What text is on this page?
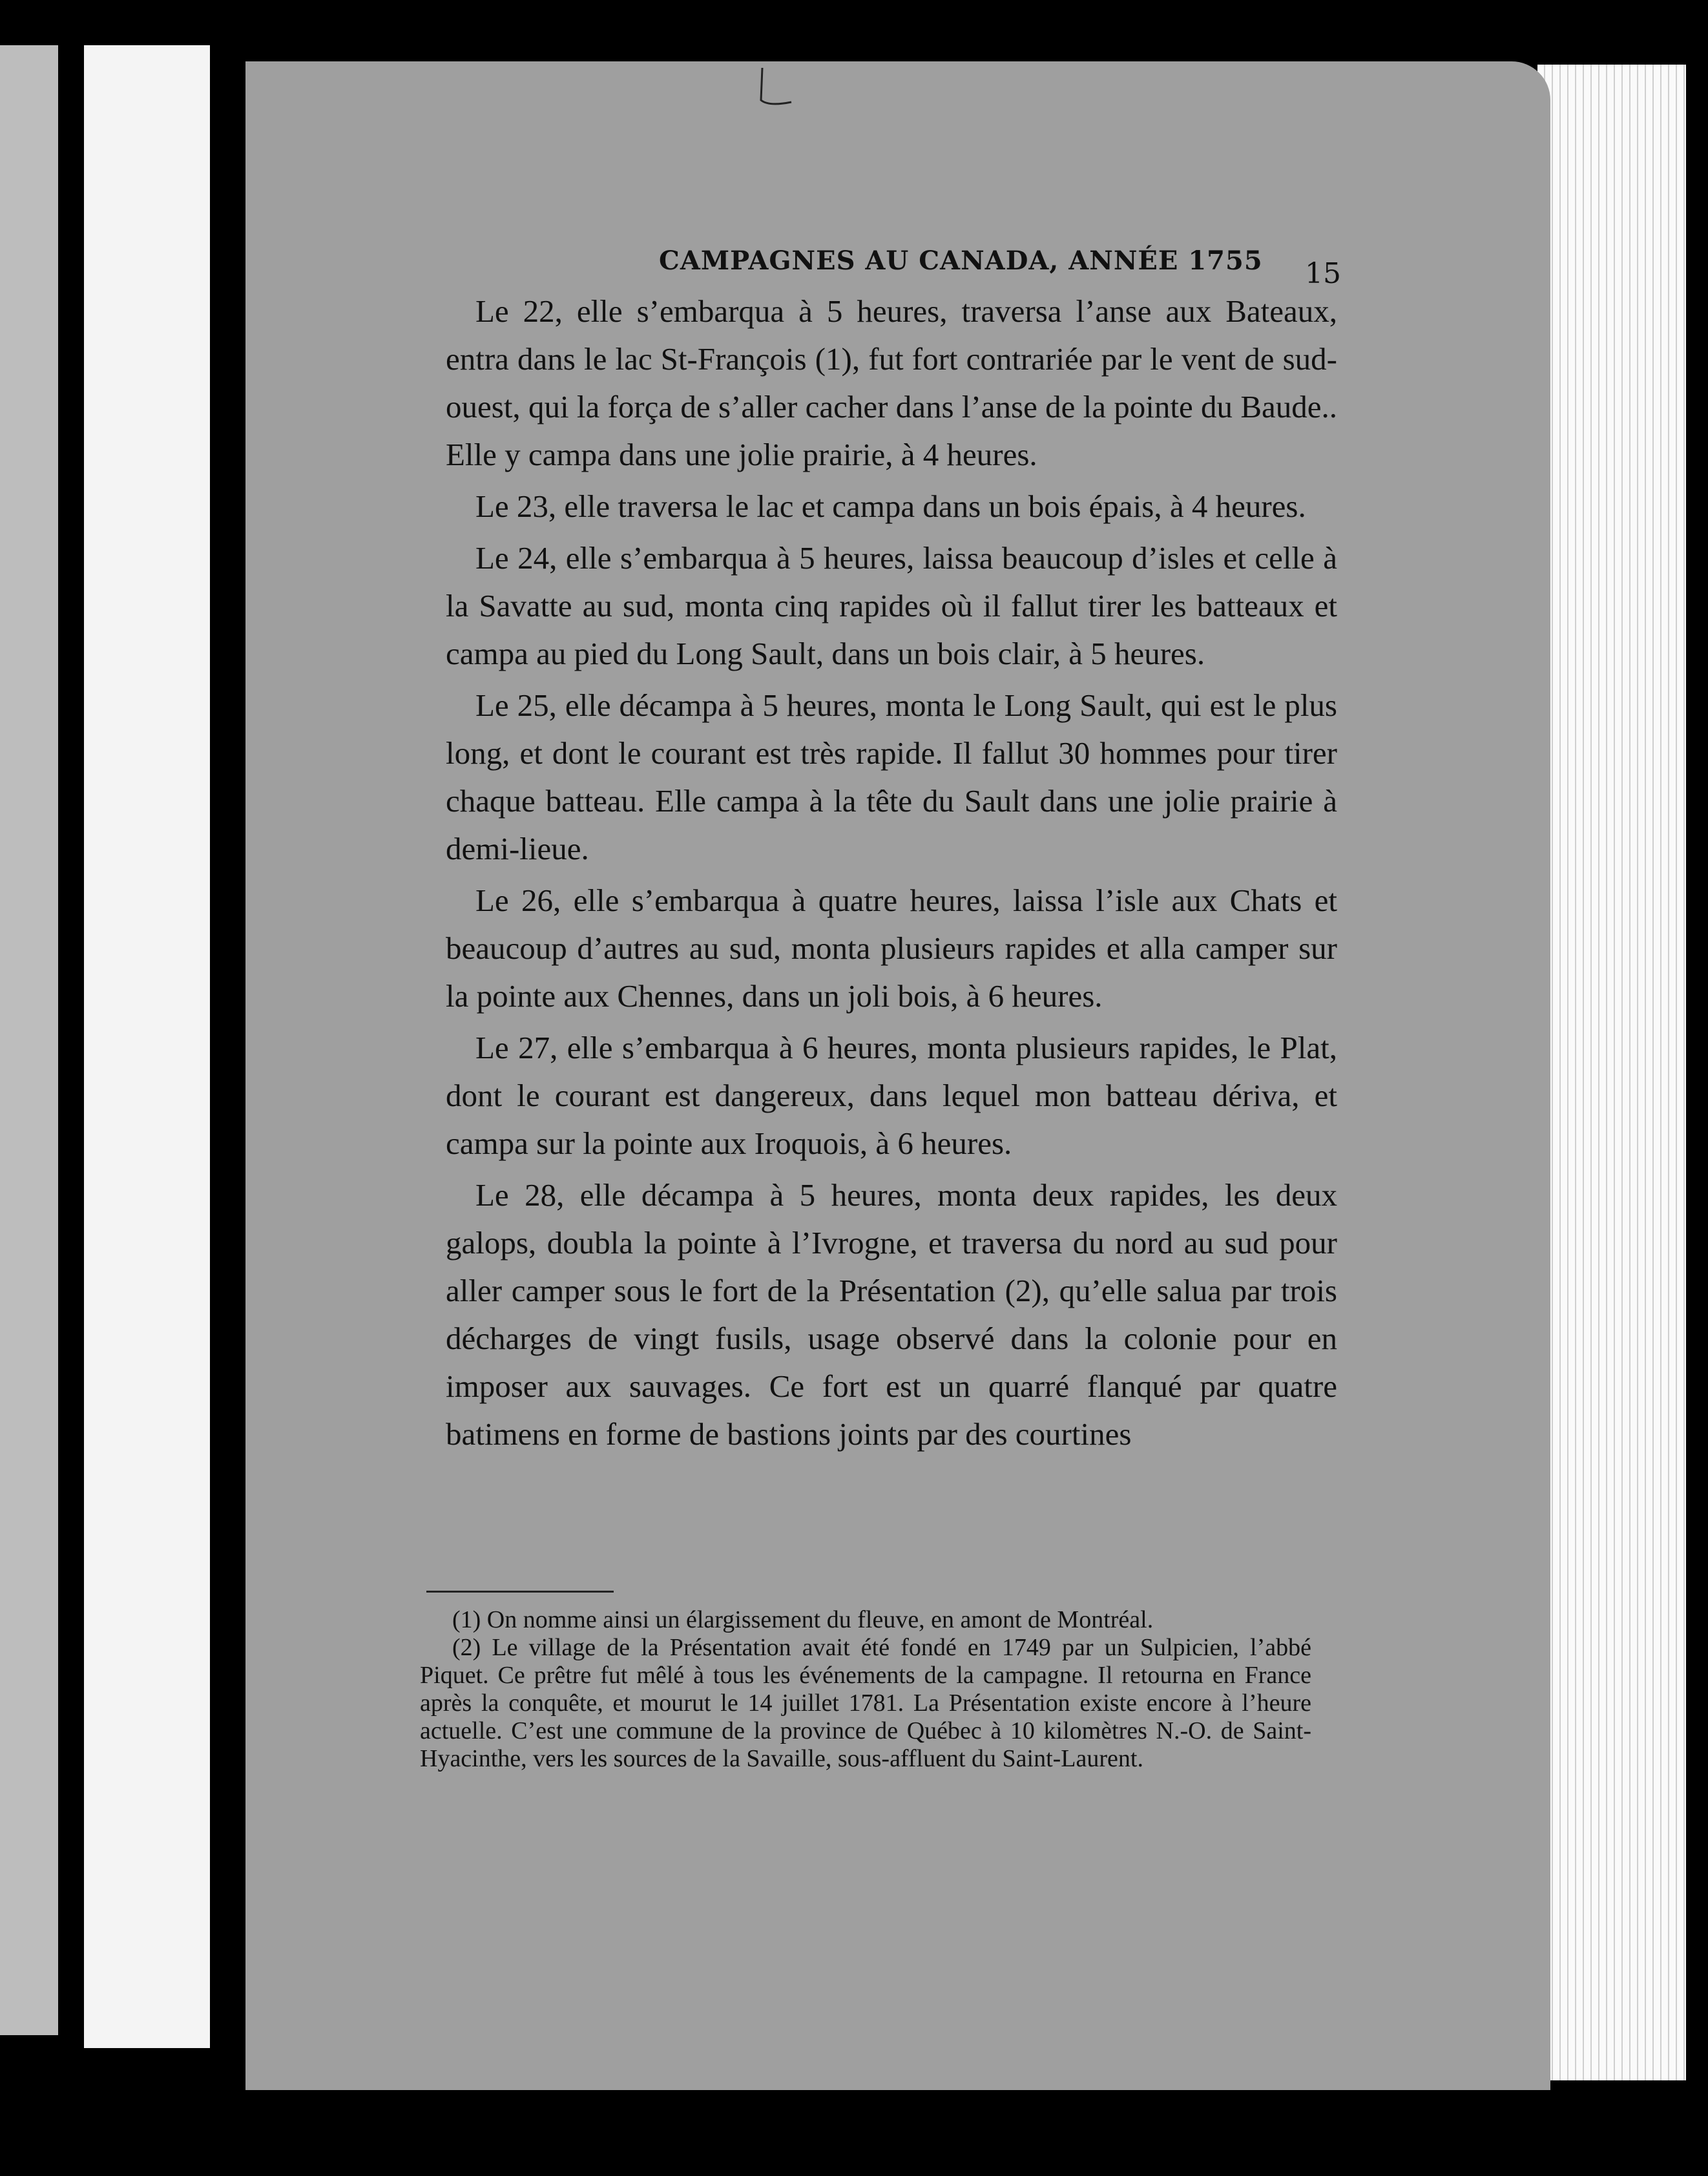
CAMPAGNES AU CANADA, ANNÉE 1755	15

Le 22, elle s’embarqua à 5 heures, traversa l’anse aux Bateaux, entra dans le lac St-François (1), fut fort contrariée par le vent de sud-ouest, qui la força de s’aller cacher dans l’anse de la pointe du Baude.. Elle y campa dans une jolie prairie, à 4 heures.

Le 23, elle traversa le lac et campa dans un bois épais, à 4 heures.

Le 24, elle s’embarqua à 5 heures, laissa beaucoup d’isles et celle à la Savatte au sud, monta cinq rapides où il fallut tirer les batteaux et campa au pied du Long Sault, dans un bois clair, à 5 heures.

Le 25, elle décampa à 5 heures, monta le Long Sault, qui est le plus long, et dont le courant est très rapide. Il fallut 30 hommes pour tirer chaque batteau. Elle campa à la tête du Sault dans une jolie prairie à demi-lieue.

Le 26, elle s’embarqua à quatre heures, laissa l’isle aux Chats et beaucoup d’autres au sud, monta plusieurs rapides et alla camper sur la pointe aux Chennes, dans un joli bois, à 6 heures.

Le 27, elle s’embarqua à 6 heures, monta plusieurs rapides, le Plat, dont le courant est dangereux, dans lequel mon batteau dériva, et campa sur la pointe aux Iroquois, à 6 heures.

Le 28, elle décampa à 5 heures, monta deux rapides, les deux galops, doubla la pointe à l’Ivrogne, et traversa du nord au sud pour aller camper sous le fort de la Présentation (2), qu’elle salua par trois décharges de vingt fusils, usage observé dans la colonie pour en imposer aux sauvages. Ce fort est un quarré flanqué par quatre batimens en forme de bastions joints par des courtines

(1) On nomme ainsi un élargissement du fleuve, en amont de Montréal.

(2) Le village de la Présentation avait été fondé en 1749 par un Sulpicien, l’abbé Piquet. Ce prêtre fut mêlé à tous les événements de la campagne. Il retourna en France après la conquête, et mourut le 14 juillet 1781. La Présentation existe encore à l’heure actuelle. C’est une commune de la province de Québec à 10 kilomètres N.-O. de Saint-Hyacinthe, vers les sources de la Savaille, sous-affluent du Saint-Laurent.
